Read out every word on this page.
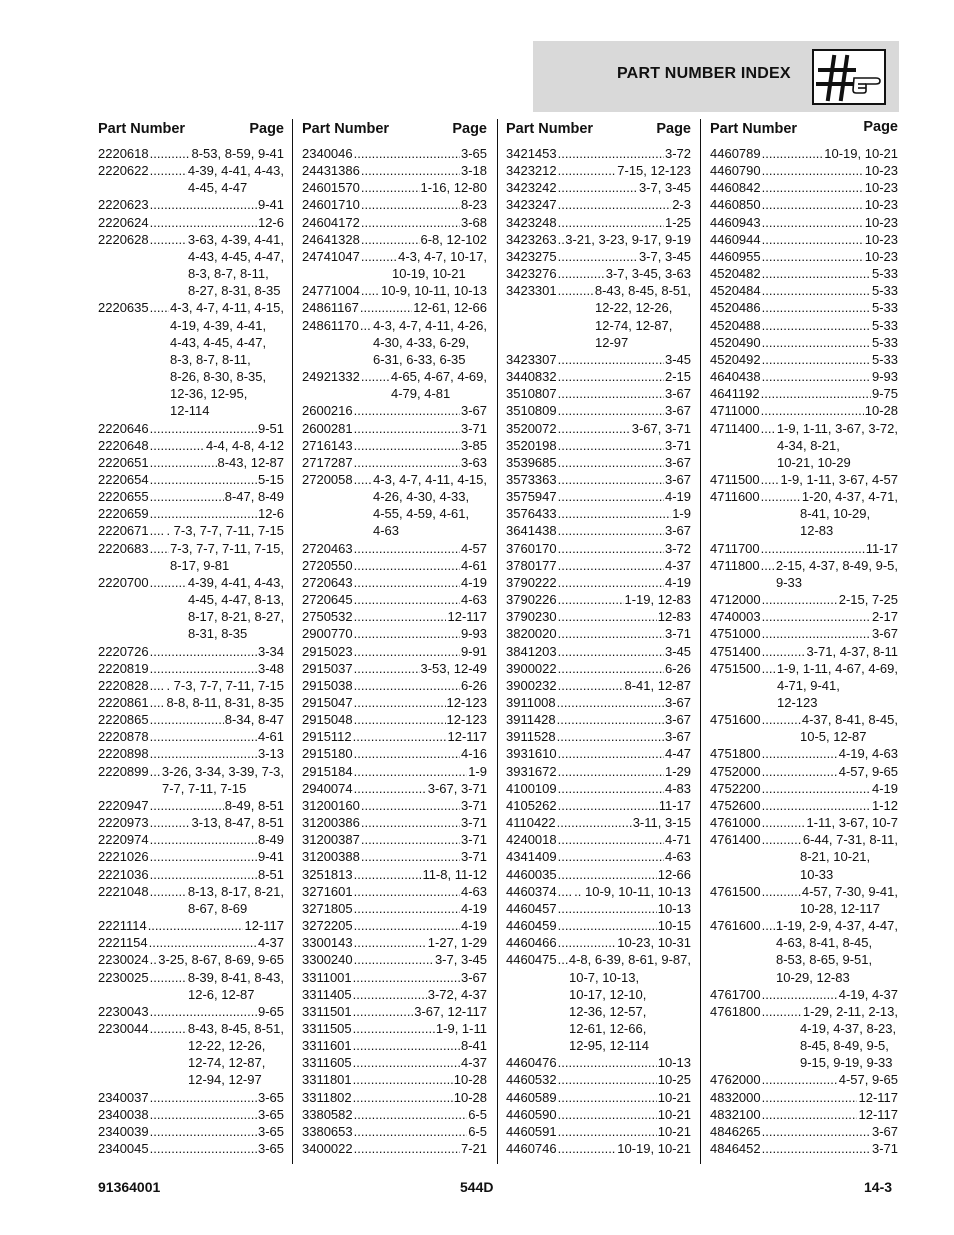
PART NUMBER INDEX
Part Number	Page
2220618 .....	8-53, 8-59, 9-41
2220622 .....	4-39, 4-41, 4-43,
4-45, 4-47
2220623 .....	9-41
2220624 .....	12-6
2220628 .....	3-63, 4-39, 4-41,
4-43, 4-45, 4-47,
8-3, 8-7, 8-11,
8-27, 8-31, 8-35
2220635 ..... 4-3, 4-7, 4-11, 4-15,
4-19, 4-39, 4-41,
4-43, 4-45, 4-47,
8-3, 8-7, 8-11,
8-26, 8-30, 8-35,
12-36, 12-95,
12-114
2220646 .....	9-51
2220648 .....	4-4, 4-8, 4-12
2220651 .....	8-43, 12-87
2220654 .....	5-15
2220655 .....	8-47, 8-49
2220659 .....	12-6
2220671 ..... . 7-3, 7-7, 7-11, 7-15
2220683 ..... 7-3, 7-7, 7-11, 7-15,
8-17, 9-81
2220700 .....	4-39, 4-41, 4-43,
4-45, 4-47, 8-13,
8-17, 8-21, 8-27,
8-31, 8-35
2220726 .....	3-34
2220819 .....	3-48
2220828 ..... . 7-3, 7-7, 7-11, 7-15
2220861 ..... 8-8, 8-11, 8-31, 8-35
2220865 .....	8-34, 8-47
2220878 .....	4-61
2220898 .....	3-13
2220899 ..... 3-26, 3-34, 3-39, 7-3,
7-7, 7-11, 7-15
2220947 .....	8-49, 8-51
2220973 .....	3-13, 8-47, 8-51
2220974 .....	8-49
2221026 .....	9-41
2221036 .....	8-51
2221048 .....	8-13, 8-17, 8-21,
8-67, 8-69
2221114 .....	12-117
2221154 .....	4-37
2230024 ..... 3-25, 8-67, 8-69, 9-65
2230025 .....	8-39, 8-41, 8-43,
12-6, 12-87
2230043 .....	9-65
2230044 .....	8-43, 8-45, 8-51,
12-22, 12-26,
12-74, 12-87,
12-94, 12-97
2340037 .....	3-65
2340038 .....	3-65
2340039 .....	3-65
2340045 .....	3-65
Part Number	Page
2340046 .....	3-65
24431386 .....	3-18
24601570 .....	1-16, 12-80
24601710 .....	8-23
24604172 .....	3-68
24641328 .....	6-8, 12-102
24741047 .....	4-3, 4-7, 10-17,
10-19, 10-21
24771004 ..... 10-9, 10-11, 10-13
24861167 .....	12-61, 12-66
24861170 ..... 4-3, 4-7, 4-11, 4-26,
4-30, 4-33, 6-29,
6-31, 6-33, 6-35
24921332 ..... 4-65, 4-67, 4-69,
4-79, 4-81
2600216 .....	3-67
2600281 .....	3-71
2716143 .....	3-85
2717287 .....	3-63
2720058 ..... 4-3, 4-7, 4-11, 4-15,
4-26, 4-30, 4-33,
4-55, 4-59, 4-61,
4-63
2720463 .....	4-57
2720550 .....	4-61
2720643 .....	4-19
2720645 .....	4-63
2750532 .....	12-117
2900770 .....	9-93
2915023 .....	9-91
2915037 .....	3-53, 12-49
2915038 .....	6-26
2915047 .....	12-123
2915048 .....	12-123
2915112 .....	12-117
2915180 .....	4-16
2915184 .....	1-9
2940074 .....	3-67, 3-71
31200160 .....	3-71
31200386 .....	3-71
31200387 .....	3-71
31200388 .....	3-71
3251813 .....	11-8, 11-12
3271601 .....	4-63
3271805 .....	4-19
3272205 .....	4-19
3300143 .....	1-27, 1-29
3300240 .....	3-7, 3-45
3311001 .....	3-67
3311405 .....	3-72, 4-37
3311501 .....	3-67, 12-117
3311505 .....	1-9, 1-11
3311601 .....	8-41
3311605 .....	4-37
3311801 .....	10-28
3311802 .....	10-28
3380582 .....	6-5
3380653 .....	6-5
3400022 .....	7-21
Part Number	Page
3421453 .....	3-72
3423212 .....	7-15, 12-123
3423242 .....	3-7, 3-45
3423247 .....	2-3
3423248 .....	1-25
3423263 ..... 3-21, 3-23, 9-17, 9-19
3423275 .....	3-7, 3-45
3423276 .....	3-7, 3-45, 3-63
3423301 .....	8-43, 8-45, 8-51,
12-22, 12-26,
12-74, 12-87,
12-97
3423307 .....	3-45
3440832 .....	2-15
3510807 .....	3-67
3510809 .....	3-67
3520072 .....	3-67, 3-71
3520198 .....	3-71
3539685 .....	3-67
3573363 .....	3-67
3575947 .....	4-19
3576433 .....	1-9
3641438 .....	3-67
3760170 .....	3-72
3780177 .....	4-37
3790222 .....	4-19
3790226 .....	1-19, 12-83
3790230 .....	12-83
3820020 .....	3-71
3841203 .....	3-45
3900022 .....	6-26
3900232 .....	8-41, 12-87
3911008 .....	3-67
3911428 .....	3-67
3911528 .....	3-67
3931610 .....	4-47
3931672 .....	1-29
4100109 .....	4-83
4105262 .....	11-17
4110422 .....	3-11, 3-15
4240018 .....	4-71
4341409 .....	4-63
4460035 .....	12-66
4460374 ..... .. 10-9, 10-11, 10-13
4460457 .....	10-13
4460459 .....	10-15
4460466 .....	10-23, 10-31
4460475 ..... 4-8, 6-39, 8-61, 9-87,
10-7, 10-13,
10-17, 12-10,
12-36, 12-57,
12-61, 12-66,
12-95, 12-114
4460476 .....	10-13
4460532 .....	10-25
4460589 .....	10-21
4460590 .....	10-21
4460591 .....	10-21
4460746 .....	10-19, 10-21
Part Number	Page
4460789 .....	10-19, 10-21
4460790 .....	10-23
4460842 .....	10-23
4460850 .....	10-23
4460943 .....	10-23
4460944 .....	10-23
4460955 .....	10-23
4520482 .....	5-33
4520484 .....	5-33
4520486 .....	5-33
4520488 .....	5-33
4520490 .....	5-33
4520492 .....	5-33
4640438 .....	9-93
4641192 .....	9-75
4711000 .....	10-28
4711400 ..... 1-9, 1-11, 3-67, 3-72,
4-34, 8-21,
10-21, 10-29
4711500 ..... 1-9, 1-11, 3-67, 4-57
4711600 .....	1-20, 4-37, 4-71,
8-41, 10-29,
12-83
4711700 .....	11-17
4711800 ..... 2-15, 4-37, 8-49, 9-5,
9-33
4712000 .....	2-15, 7-25
4740003 .....	2-17
4751000 .....	3-67
4751400 .....	3-71, 4-37, 8-11
4751500 ..... 1-9, 1-11, 4-67, 4-69,
4-71, 9-41,
12-123
4751600 .....	4-37, 8-41, 8-45,
10-5, 12-87
4751800 .....	4-19, 4-63
4752000 .....	4-57, 9-65
4752200 .....	4-19
4752600 .....	1-12
4761000 .....	1-11, 3-67, 10-7
4761400 .....	6-44, 7-31, 8-11,
8-21, 10-21,
10-33
4761500 .....	4-57, 7-30, 9-41,
10-28, 12-117
4761600 ..... 1-19, 2-9, 4-37, 4-47,
4-63, 8-41, 8-45,
8-53, 8-65, 9-51,
10-29, 12-83
4761700 .....	4-19, 4-37
4761800 .....	1-29, 2-11, 2-13,
4-19, 4-37, 8-23,
8-45, 8-49, 9-5,
9-15, 9-19, 9-33
4762000 .....	4-57, 9-65
4832000 .....	12-117
4832100 .....	12-117
4846265 .....	3-67
4846452 .....	3-71
91364001	544D	14-3
